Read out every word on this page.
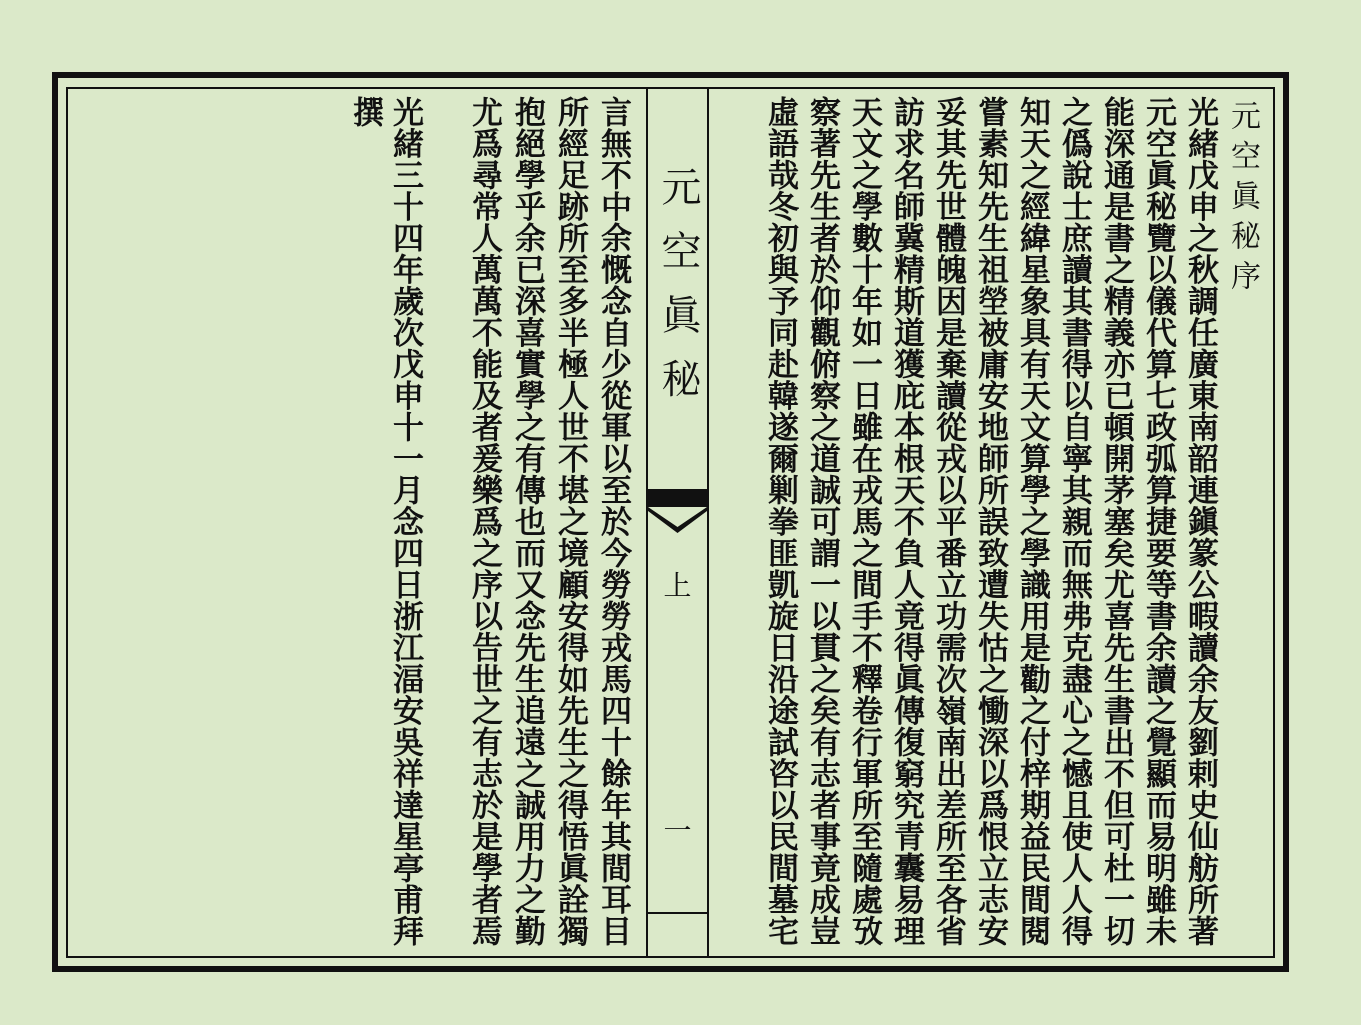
元空眞秘序
光緒戊申之秋調任廣東南韶連鎭篆公暇讀余友劉剌史仙舫所著
元空眞秘覽以儀代算七政弧算捷要等書余讀之覺顯而易明雖未
能深通是書之精義亦已頓開茅塞矣尤喜先生書出不但可杜一切
之僞說士庶讀其書得以自寧其親而無弗克盡心之憾且使人人得
知天之經緯星象具有天文算學之學識用是勸之付梓期益民間閱
嘗素知先生祖塋被庸安地師所誤致遭失怙之慟深以爲恨立志安
妥其先世體魄因是棄讀從戎以平番立功需次嶺南出差所至各省
訪求名師冀精斯道獲庇本根天不負人竟得眞傳復窮究青囊易理
天文之學數十年如一日雖在戎馬之間手不釋卷行軍所至隨處攷
察著先生者於仰觀俯察之道誠可謂一以貫之矣有志者事竟成豈
虛語哉冬初與予同赴韓遂爾剿拳匪凱旋日沿途試咨以民間墓宅
元空眞秘
上
一
言無不中余慨念自少從軍以至於今勞勞戎馬四十餘年其間耳目
所經足跡所至多半極人世不堪之境顧安得如先生之得悟眞詮獨
抱絕學乎余已深喜實學之有傳也而又念先生追遠之誠用力之勤
尤爲尋常人萬萬不能及者爰樂爲之序以告世之有志於是學者焉
光緒三十四年歲次戊申十一月念四日浙江湢安吳祥達星亭甫拜撰
